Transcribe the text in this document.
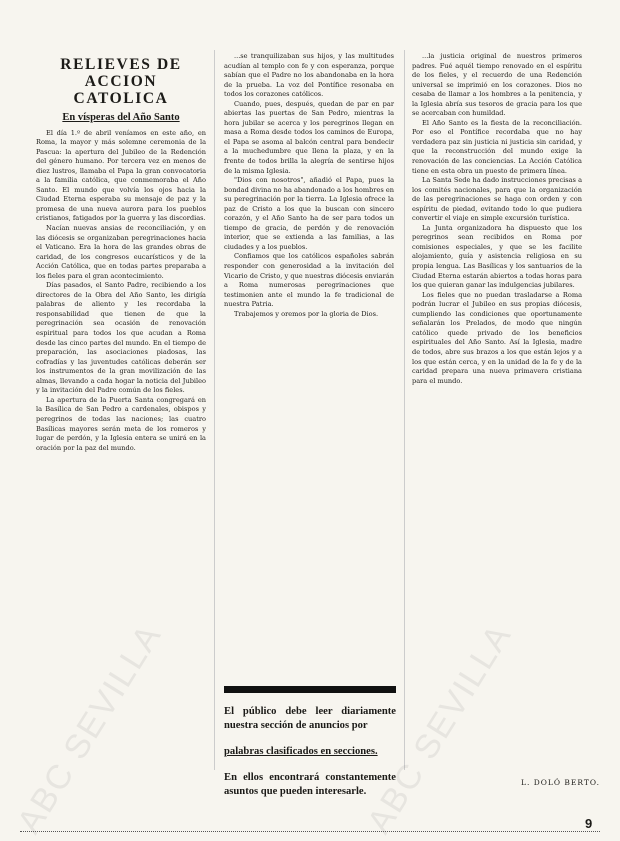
RELIEVES DE ACCION CATOLICA
En vísperas del Año Santo

El día 1.º de abril veníamos en este año, en Roma, la mayor y más solemne ceremonia de la Pascua: la apertura del Jubileo de la Redención del género humano. Por tercera vez en menos de diez lustros, llamaba el Papa la gran convocatoria a la familia católica, que conmemoraba el Año Santo. El mundo que volvía los ojos hacia la Ciudad Eterna esperaba su mensaje de paz y la promesa de una nueva aurora para los pueblos cristianos, fatigados por la guerra y las discordias.

Nacían nuevas ansias de reconciliación, y en las diócesis se organizaban peregrinaciones hacia el Vaticano. Era la hora de las grandes obras de caridad, de los congresos eucarísticos y de la Acción Católica, que en todas partes preparaba a los fieles para el gran acontecimiento.

Días pasados, el Santo Padre, recibiendo a los directores de la Obra del Año Santo, les dirigía palabras de aliento y les recordaba la responsabilidad que tienen de que la peregrinación sea ocasión de renovación espiritual para todos los que acudan a Roma desde las cinco partes del mundo. En el tiempo de preparación, las asociaciones piadosas, las cofradías y las juventudes católicas deberán ser los instrumentos de la gran movilización de las almas, llevando a cada hogar la noticia del Jubileo y la invitación del Padre común de los fieles.

La apertura de la Puerta Santa congregará en la Basílica de San Pedro a cardenales, obispos y peregrinos de todas las naciones; las cuatro Basílicas mayores serán meta de los romeros y lugar de perdón, y la Iglesia entera se unirá en la oración por la paz del mundo.

...se tranquilizaban sus hijos, y las multitudes acudían al templo con fe y con esperanza, porque sabían que el Padre no los abandonaba en la hora de la prueba. La voz del Pontífice resonaba en todos los corazones católicos.

Cuando, pues, después, quedan de par en par abiertas las puertas de San Pedro, mientras la hora jubilar se acerca y los peregrinos llegan en masa a Roma desde todos los caminos de Europa, el Papa se asoma al balcón central para bendecir a la muchedumbre que llena la plaza, y en la frente de todos brilla la alegría de sentirse hijos de la misma Iglesia.

"Dios con nosotros", añadió el Papa, pues la bondad divina no ha abandonado a los hombres en su peregrinación por la tierra. La Iglesia ofrece la paz de Cristo a los que la buscan con sincero corazón, y el Año Santo ha de ser para todos un tiempo de gracia, de perdón y de renovación interior, que se extienda a las familias, a las ciudades y a los pueblos.

Confiamos que los católicos españoles sabrán responder con generosidad a la invitación del Vicario de Cristo, y que nuestras diócesis enviarán a Roma numerosas peregrinaciones que testimonien ante el mundo la fe tradicional de nuestra Patria.

Trabajemos y oremos por la gloria de Dios.

El público debe leer diariamente nuestra sección de anuncios por

palabras clasificados en secciones.

En ellos encontrará constantemente asuntos que pueden interesarle.

...la justicia original de nuestros primeros padres. Fué aquél tiempo renovado en el espíritu de los fieles, y el recuerdo de una Redención universal se imprimió en los corazones. Dios no cesaba de llamar a los hombres a la penitencia, y la Iglesia abría sus tesoros de gracia para los que se acercaban con humildad.

El Año Santo es la fiesta de la reconciliación. Por eso el Pontífice recordaba que no hay verdadera paz sin justicia ni justicia sin caridad, y que la reconstrucción del mundo exige la renovación de las conciencias. La Acción Católica tiene en esta obra un puesto de primera línea.

La Santa Sede ha dado instrucciones precisas a los comités nacionales, para que la organización de las peregrinaciones se haga con orden y con espíritu de piedad, evitando todo lo que pudiera convertir el viaje en simple excursión turística.

La Junta organizadora ha dispuesto que los peregrinos sean recibidos en Roma por comisiones especiales, y que se les facilite alojamiento, guía y asistencia religiosa en su propia lengua. Las Basílicas y los santuarios de la Ciudad Eterna estarán abiertos a todas horas para los que quieran ganar las indulgencias jubilares.

Los fieles que no puedan trasladarse a Roma podrán lucrar el Jubileo en sus propias diócesis, cumpliendo las condiciones que oportunamente señalarán los Prelados, de modo que ningún católico quede privado de los beneficios espirituales del Año Santo. Así la Iglesia, madre de todos, abre sus brazos a los que están lejos y a los que están cerca, y en la unidad de la fe y de la caridad prepara una nueva primavera cristiana para el mundo.

L. DOLÓ BERTO.
ABC SEVILLA	ABC SEVILLA	9
